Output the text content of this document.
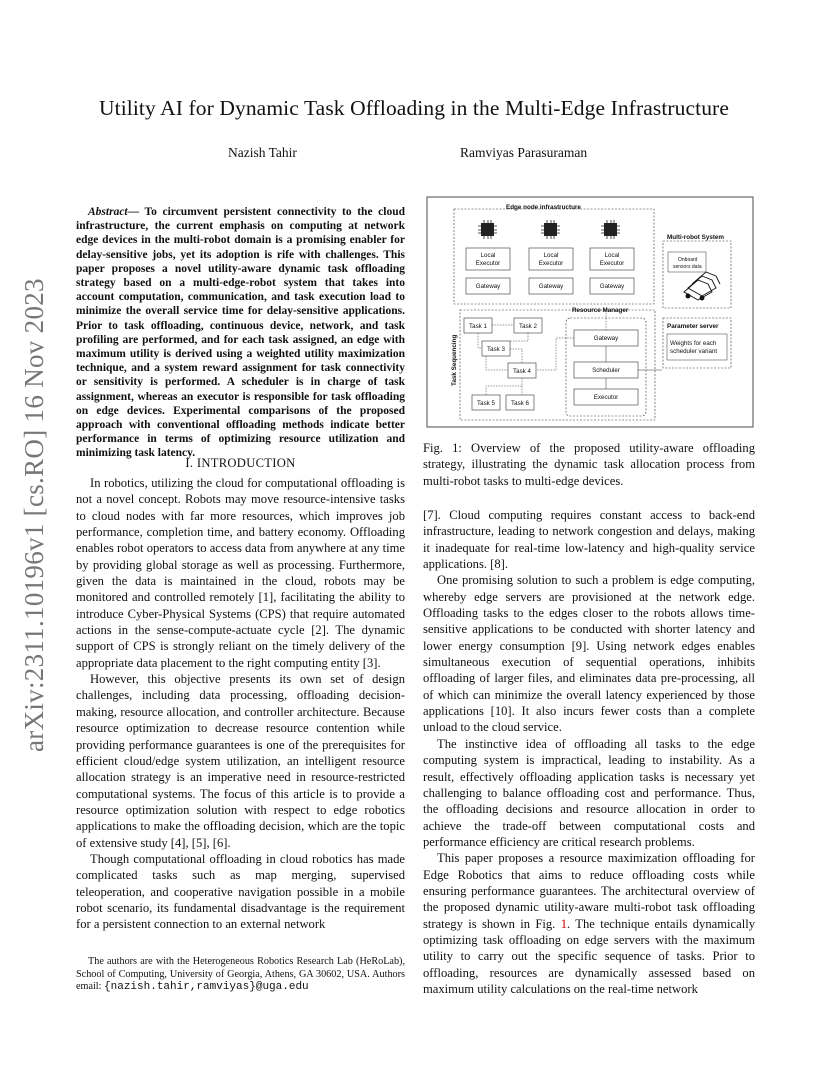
Utility AI for Dynamic Task Offloading in the Multi-Edge Infrastructure
Nazish Tahir	Ramviyas Parasuraman
arXiv:2311.10196v1 [cs.RO] 16 Nov 2023

Abstract— To circumvent persistent connectivity to the cloud infrastructure, the current emphasis on computing at network edge devices in the multi-robot domain is a promising enabler for delay-sensitive jobs, yet its adoption is rife with challenges. This paper proposes a novel utility-aware dynamic task offloading strategy based on a multi-edge-robot system that takes into account computation, communication, and task execution load to minimize the overall service time for delay-sensitive applications. Prior to task offloading, continuous device, network, and task profiling are performed, and for each task assigned, an edge with maximum utility is derived using a weighted utility maximization technique, and a system reward assignment for task connectivity or sensitivity is performed. A scheduler is in charge of task assignment, whereas an executor is responsible for task offloading on edge devices. Experimental comparisons of the proposed approach with conventional offloading methods indicate better performance in terms of optimizing resource utilization and minimizing task latency.

I. INTRODUCTION

In robotics, utilizing the cloud for computational offloading is not a novel concept. Robots may move resource-intensive tasks to cloud nodes with far more resources, which improves job performance, completion time, and battery economy. Offloading enables robot operators to access data from anywhere at any time by providing global storage as well as processing. Furthermore, given the data is maintained in the cloud, robots may be monitored and controlled remotely [1], facilitating the ability to introduce Cyber-Physical Systems (CPS) that require automated actions in the sense-compute-actuate cycle [2]. The dynamic support of CPS is strongly reliant on the timely delivery of the appropriate data placement to the right computing entity [3].

However, this objective presents its own set of design challenges, including data processing, offloading decision-making, resource allocation, and controller architecture. Because resource optimization to decrease resource contention while providing performance guarantees is one of the prerequisites for efficient cloud/edge system utilization, an intelligent resource allocation strategy is an imperative need in resource-restricted computational systems. The focus of this article is to provide a resource optimization solution with respect to edge robotics applications to make the offloading decision, which are the topic of extensive study [4], [5], [6].

Though computational offloading in cloud robotics has made complicated tasks such as map merging, supervised teleoperation, and cooperative navigation possible in a mobile robot scenario, its fundamental disadvantage is the requirement for a persistent connection to an external network

The authors are with the Heterogeneous Robotics Research Lab (HeRoLab), School of Computing, University of Georgia, Athens, GA 30602, USA. Authors email: {nazish.tahir,ramviyas}@uga.edu
Edge node infrastructure
Local
Executor
Local
Executor
Local
Executor
Gateway	Gateway	Gateway
Multi-robot System
Onboard
sensors data
Resource Manager
Task Sequencing
Task 1	Task 2
Task 3
Task 4
Task 5	Task 6
Gateway
Scheduler
Executor
Parameter server
Weights for each
scheduler variant
Fig. 1: Overview of the proposed utility-aware offloading strategy, illustrating the dynamic task allocation process from multi-robot tasks to multi-edge devices.

[7]. Cloud computing requires constant access to back-end infrastructure, leading to network congestion and delays, making it inadequate for real-time low-latency and high-quality service applications. [8].

One promising solution to such a problem is edge computing, whereby edge servers are provisioned at the network edge. Offloading tasks to the edges closer to the robots allows time-sensitive applications to be conducted with shorter latency and lower energy consumption [9]. Using network edges enables simultaneous execution of sequential operations, inhibits offloading of larger files, and eliminates data pre-processing, all of which can minimize the overall latency experienced by those applications [10]. It also incurs fewer costs than a complete unload to the cloud service.

The instinctive idea of offloading all tasks to the edge computing system is impractical, leading to instability. As a result, effectively offloading application tasks is necessary yet challenging to balance offloading cost and performance. Thus, the offloading decisions and resource allocation in order to achieve the trade-off between computational costs and performance efficiency are critical research problems.

This paper proposes a resource maximization offloading for Edge Robotics that aims to reduce offloading costs while ensuring performance guarantees. The architectural overview of the proposed dynamic utility-aware multi-robot task offloading strategy is shown in Fig. 1. The technique entails dynamically optimizing task offloading on edge servers with the maximum utility to carry out the specific sequence of tasks. Prior to offloading, resources are dynamically assessed based on maximum utility calculations on the real-time network
